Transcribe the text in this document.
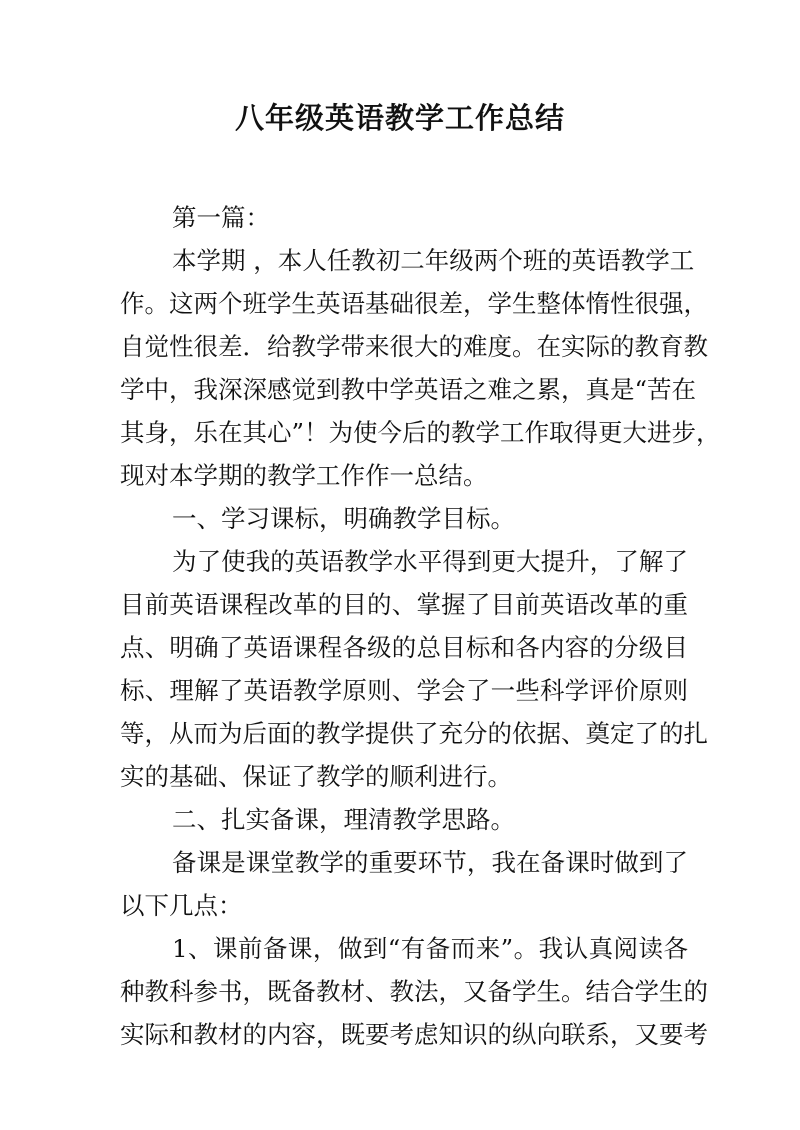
八年级英语教学工作总结
第一篇：
本学期 ，本人任教初二年级两个班的英语教学工
作。这两个班学生英语基础很差，学生整体惰性很强，
自觉性很差．给教学带来很大的难度。在实际的教育教
学中，我深深感觉到教中学英语之难之累，真是“苦在
其身，乐在其心”！为使今后的教学工作取得更大进步，
现对本学期的教学工作作一总结。
一、学习课标，明确教学目标。
为了使我的英语教学水平得到更大提升，了解了
目前英语课程改革的目的、掌握了目前英语改革的重
点、明确了英语课程各级的总目标和各内容的分级目
标、理解了英语教学原则、学会了一些科学评价原则
等，从而为后面的教学提供了充分的依据、奠定了的扎
实的基础、保证了教学的顺利进行。
二、扎实备课，理清教学思路。
备课是课堂教学的重要环节，我在备课时做到了
以下几点：
1、课前备课，做到“有备而来”。我认真阅读各
种教科参书，既备教材、教法，又备学生。结合学生的
实际和教材的内容，既要考虑知识的纵向联系，又要考
